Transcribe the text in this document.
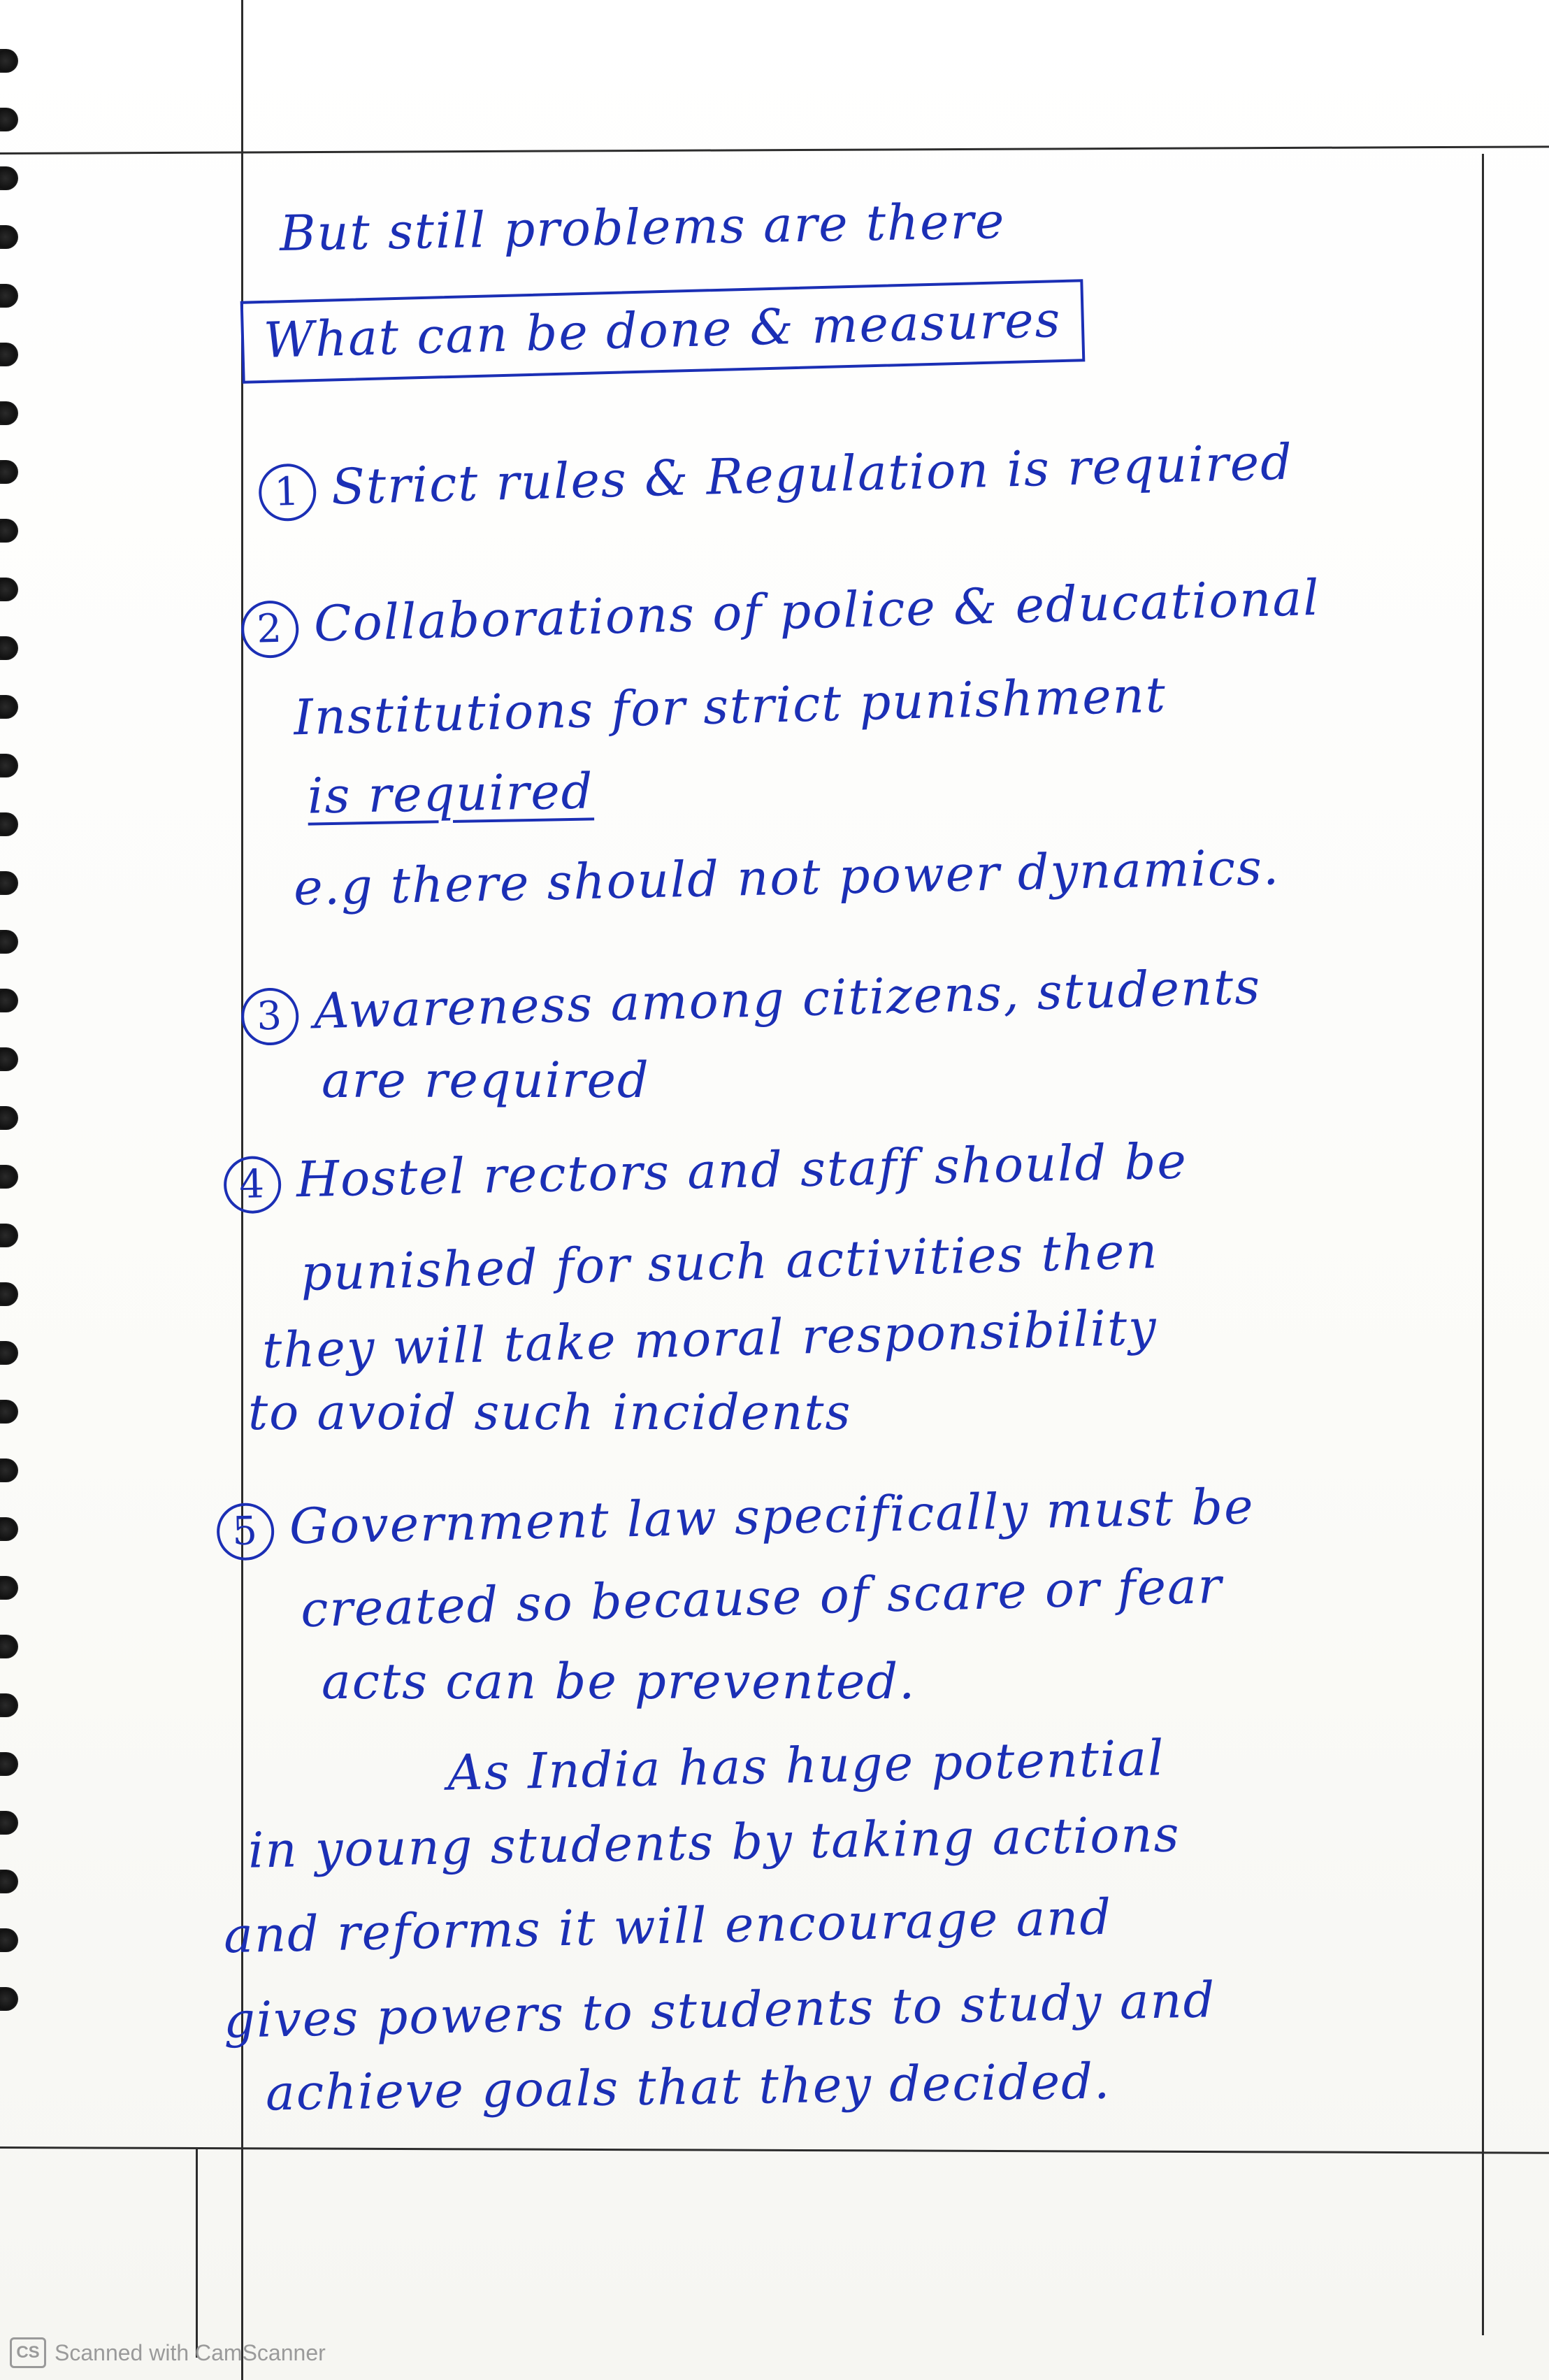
But still problems are there
What can be done & measures
1 Strict rules & Regulation is required
2 Collaborations of police & educational
Institutions for strict punishment
is required
e.g there should not power dynamics.
3 Awareness among citizens, students
are required
4 Hostel rectors and staff should be
punished for such activities then
they will take moral responsibility
to avoid such incidents
5 Government law specifically must be
created so because of scare or fear
acts can be prevented.
As India has huge potential
in young students by taking actions
and reforms it will encourage and
gives powers to students to study and
achieve goals that they decided.
CS Scanned with CamScanner
